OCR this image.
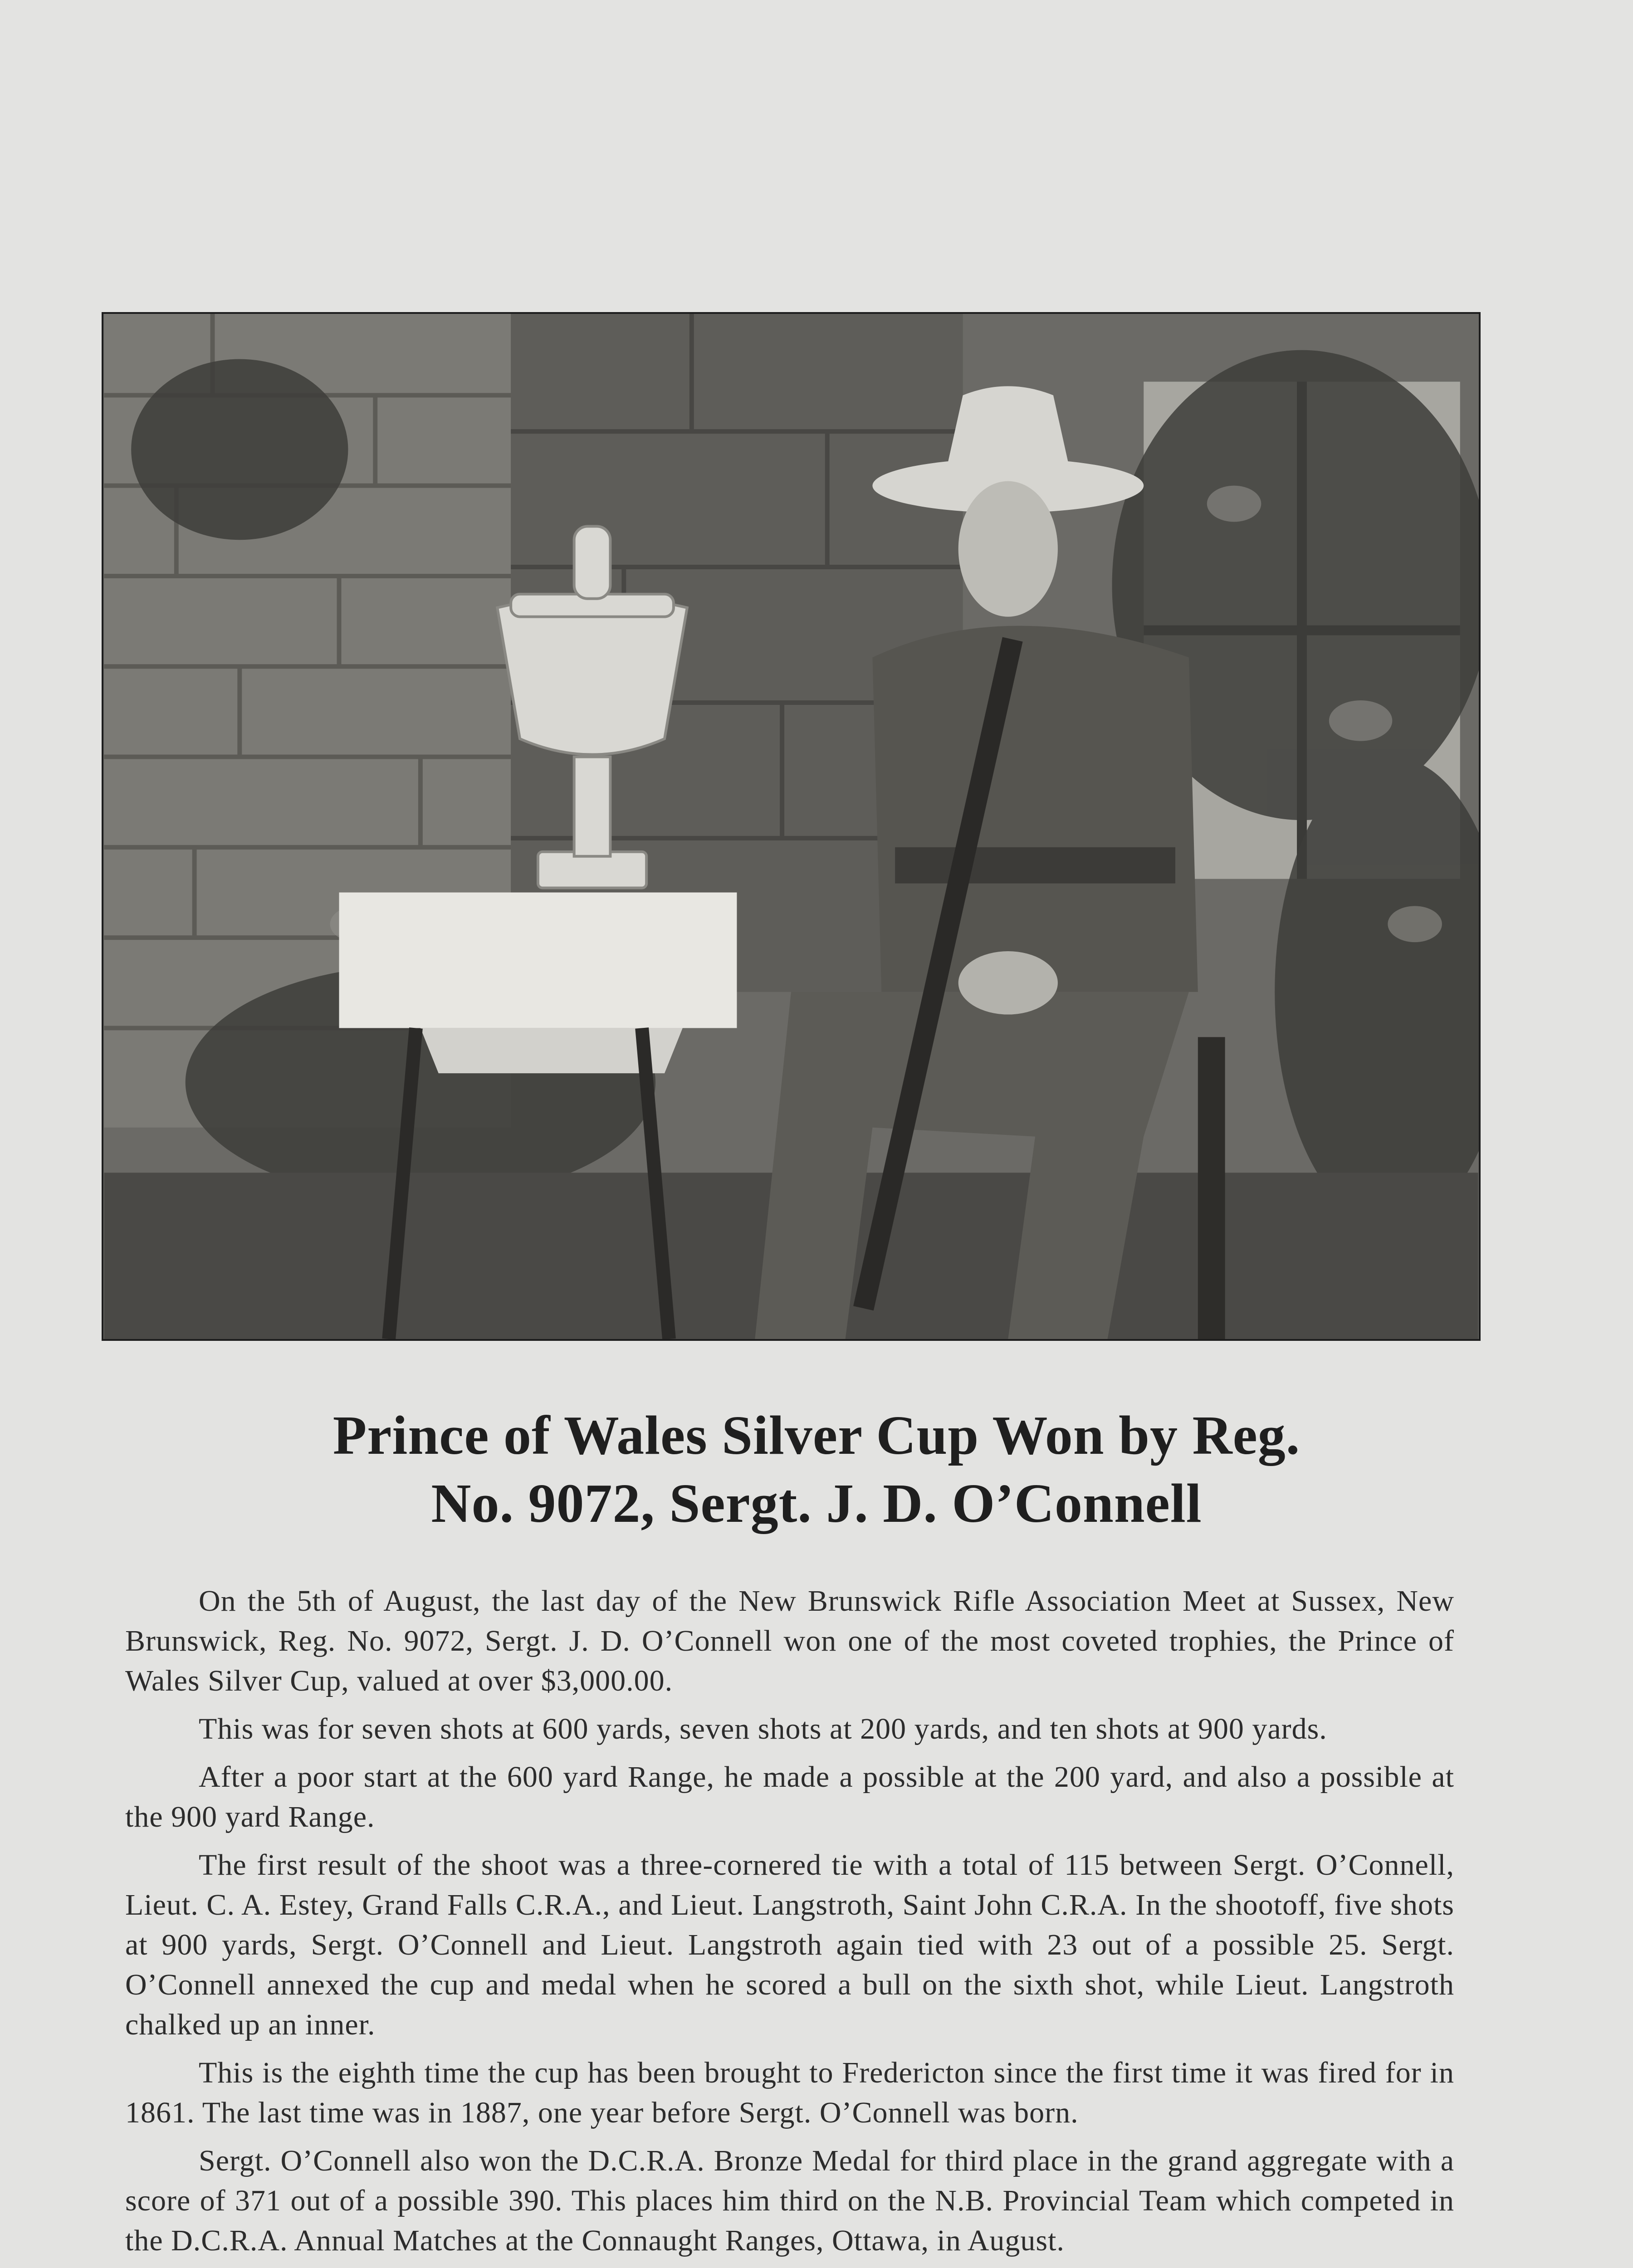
Prince of Wales Silver Cup Won by Reg.
No. 9072, Sergt. J. D. O’Connell

On the 5th of August, the last day of the New Brunswick Rifle Association Meet at Sussex, New Brunswick, Reg. No. 9072, Sergt. J. D. O’Connell won one of the most coveted trophies, the Prince of Wales Silver Cup, valued at over $3,000.00.

This was for seven shots at 600 yards, seven shots at 200 yards, and ten shots at 900 yards.

After a poor start at the 600 yard Range, he made a possible at the 200 yard, and also a possible at the 900 yard Range.

The first result of the shoot was a three-cornered tie with a total of 115 between Sergt. O’Connell, Lieut. C. A. Estey, Grand Falls C.R.A., and Lieut. Langstroth, Saint John C.R.A. In the shootoff, five shots at 900 yards, Sergt. O’Connell and Lieut. Langstroth again tied with 23 out of a possible 25. Sergt. O’Connell annexed the cup and medal when he scored a bull on the sixth shot, while Lieut. Langstroth chalked up an inner.

This is the eighth time the cup has been brought to Fredericton since the first time it was fired for in 1861. The last time was in 1887, one year before Sergt. O’Connell was born.

Sergt. O’Connell also won the D.C.R.A. Bronze Medal for third place in the grand aggregate with a score of 371 out of a possible 390. This places him third on the N.B. Provincial Team which competed in the D.C.R.A. Annual Matches at the Connaught Ranges, Ottawa, in August.
